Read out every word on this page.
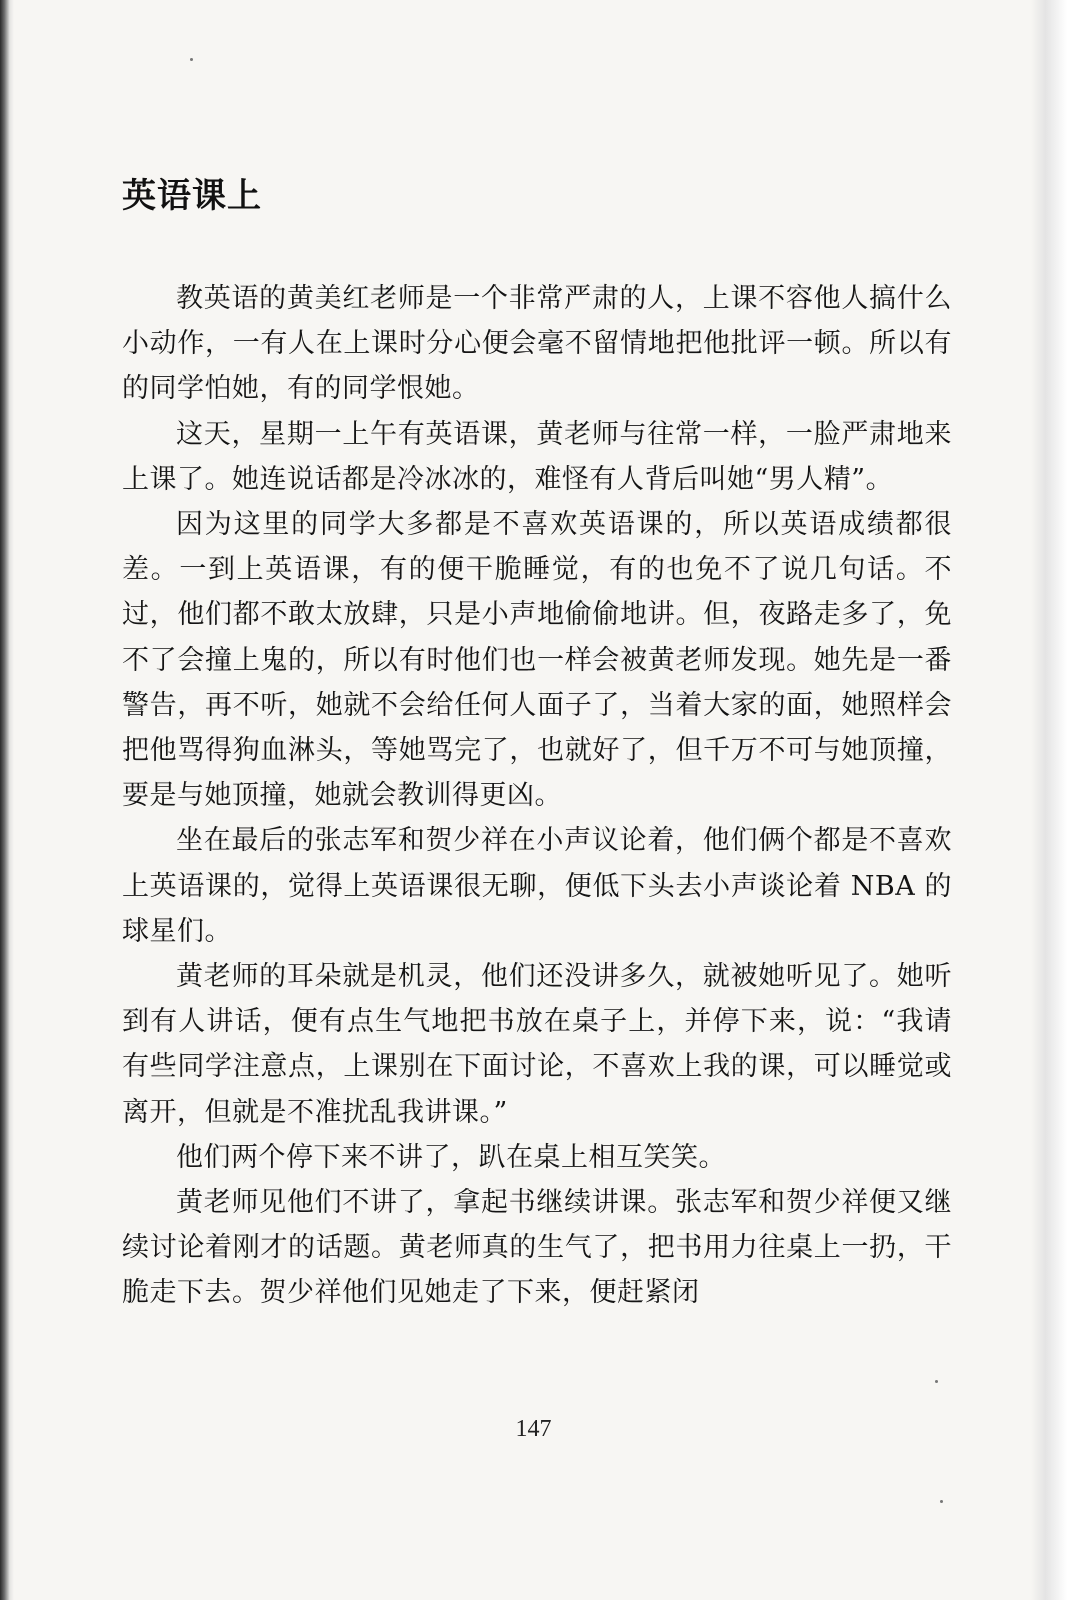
英语课上

教英语的黄美红老师是一个非常严肃的人，上课不容他人搞什么小动作，一有人在上课时分心便会毫不留情地把他批评一顿。所以有的同学怕她，有的同学恨她。

这天，星期一上午有英语课，黄老师与往常一样，一脸严肃地来上课了。她连说话都是冷冰冰的，难怪有人背后叫她“男人精”。

因为这里的同学大多都是不喜欢英语课的，所以英语成绩都很差。一到上英语课，有的便干脆睡觉，有的也免不了说几句话。不过，他们都不敢太放肆，只是小声地偷偷地讲。但，夜路走多了，免不了会撞上鬼的，所以有时他们也一样会被黄老师发现。她先是一番警告，再不听，她就不会给任何人面子了，当着大家的面，她照样会把他骂得狗血淋头，等她骂完了，也就好了，但千万不可与她顶撞，要是与她顶撞，她就会教训得更凶。

坐在最后的张志军和贺少祥在小声议论着，他们俩个都是不喜欢上英语课的，觉得上英语课很无聊，便低下头去小声谈论着 NBA 的球星们。

黄老师的耳朵就是机灵，他们还没讲多久，就被她听见了。她听到有人讲话，便有点生气地把书放在桌子上，并停下来，说：“我请有些同学注意点，上课别在下面讨论，不喜欢上我的课，可以睡觉或离开，但就是不准扰乱我讲课。”

他们两个停下来不讲了，趴在桌上相互笑笑。

黄老师见他们不讲了，拿起书继续讲课。张志军和贺少祥便又继续讨论着刚才的话题。黄老师真的生气了，把书用力往桌上一扔，干脆走下去。贺少祥他们见她走了下来，便赶紧闭

147
